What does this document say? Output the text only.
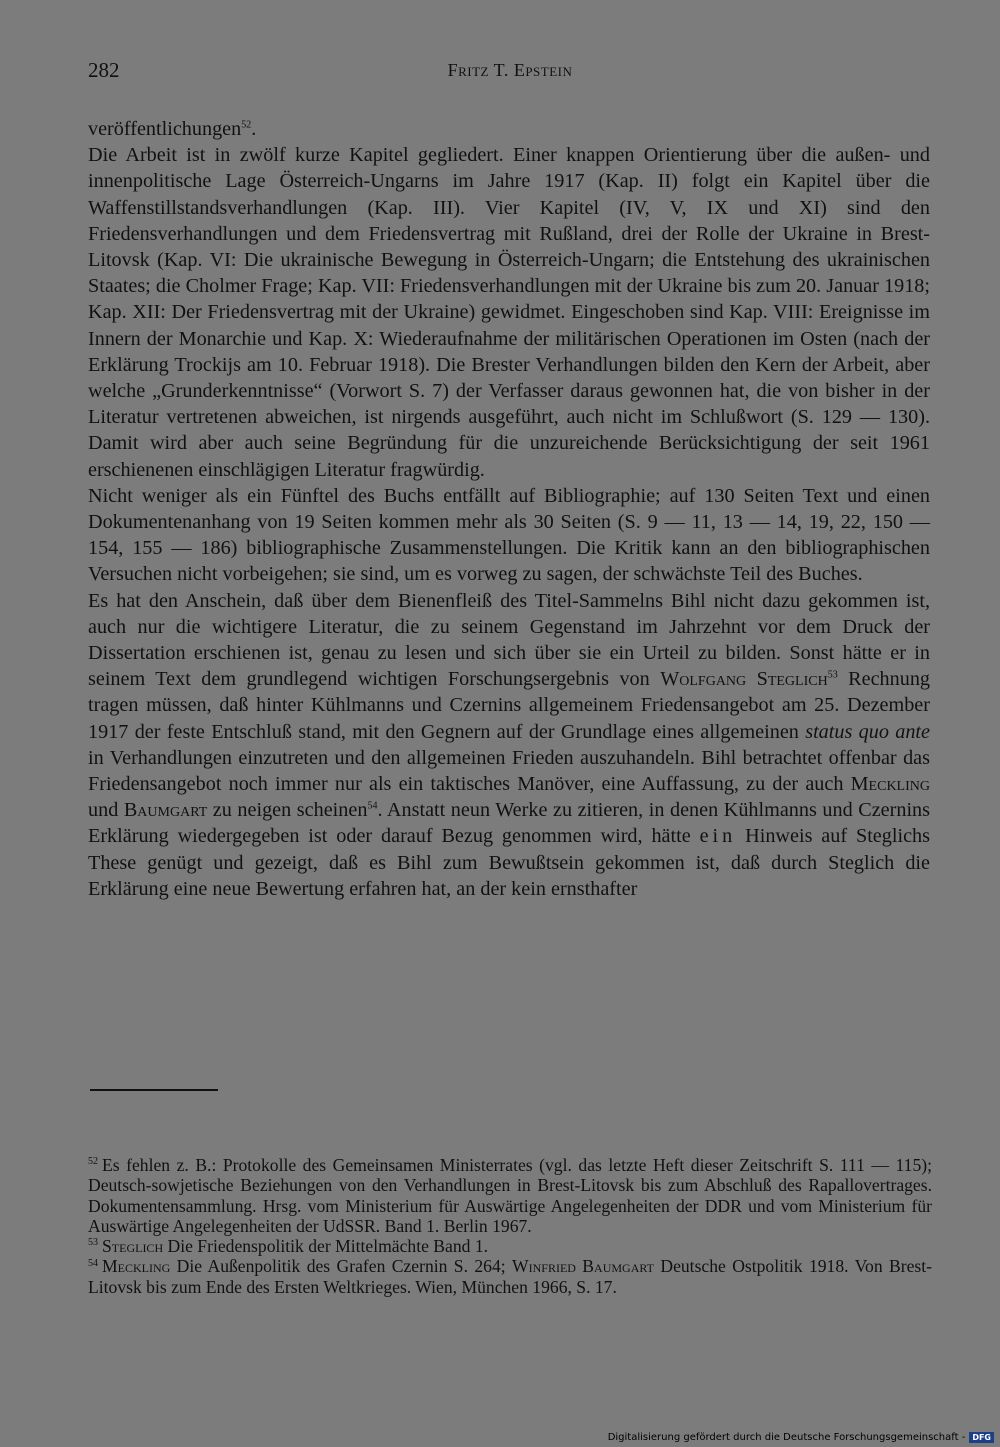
282	Fritz T. Epstein

veröffentlichungen$^{52}$.

Die Arbeit ist in zwölf kurze Kapitel gegliedert. Einer knappen Orientierung über die außen- und innenpolitische Lage Österreich-Ungarns im Jahre 1917 (Kap. II) folgt ein Kapitel über die Waffenstillstandsverhandlungen (Kap. III). Vier Kapitel (IV, V, IX und XI) sind den Friedensverhandlungen und dem Friedensvertrag mit Rußland, drei der Rolle der Ukraine in Brest-Litovsk (Kap. VI: Die ukrainische Bewegung in Österreich-Ungarn; die Entstehung des ukrainischen Staates; die Cholmer Frage; Kap. VII: Friedensverhandlungen mit der Ukraine bis zum 20. Januar 1918; Kap. XII: Der Friedensvertrag mit der Ukraine) gewidmet. Eingeschoben sind Kap. VIII: Ereignisse im Innern der Monarchie und Kap. X: Wiederaufnahme der militärischen Operationen im Osten (nach der Erklärung Trockijs am 10. Februar 1918). Die Brester Verhandlungen bilden den Kern der Arbeit, aber welche „Grunderkenntnisse“ (Vorwort S. 7) der Verfasser daraus gewonnen hat, die von bisher in der Literatur vertretenen abweichen, ist nirgends ausgeführt, auch nicht im Schlußwort (S. 129 — 130). Damit wird aber auch seine Begründung für die unzureichende Berücksichtigung der seit 1961 erschienenen einschlägigen Literatur fragwürdig.

Nicht weniger als ein Fünftel des Buchs entfällt auf Bibliographie; auf 130 Seiten Text und einen Dokumentenanhang von 19 Seiten kommen mehr als 30 Seiten (S. 9 — 11, 13 — 14, 19, 22, 150 — 154, 155 — 186) bibliographische Zusammenstellungen. Die Kritik kann an den bibliographischen Versuchen nicht vorbeigehen; sie sind, um es vorweg zu sagen, der schwächste Teil des Buches.

Es hat den Anschein, daß über dem Bienenfleiß des Titel-Sammelns Bihl nicht dazu gekommen ist, auch nur die wichtigere Literatur, die zu seinem Gegenstand im Jahrzehnt vor dem Druck der Dissertation erschienen ist, genau zu lesen und sich über sie ein Urteil zu bilden. Sonst hätte er in seinem Text dem grundlegend wichtigen Forschungsergebnis von Wolfgang Steglich$^{53}$ Rechnung tragen müssen, daß hinter Kühlmanns und Czernins allgemeinem Friedensangebot am 25. Dezember 1917 der feste Entschluß stand, mit den Gegnern auf der Grundlage eines allgemeinen status quo ante in Verhandlungen einzutreten und den allgemeinen Frieden auszuhandeln. Bihl betrachtet offenbar das Friedensangebot noch immer nur als ein taktisches Manöver, eine Auffassung, zu der auch Meckling und Baumgart zu neigen scheinen$^{54}$. Anstatt neun Werke zu zitieren, in denen Kühlmanns und Czernins Erklärung wiedergegeben ist oder darauf Bezug genommen wird, hätte ein Hinweis auf Steglichs These genügt und gezeigt, daß es Bihl zum Bewußtsein gekommen ist, daß durch Steglich die Erklärung eine neue Bewertung erfahren hat, an der kein ernsthafter

$^{52}$ Es fehlen z. B.: Protokolle des Gemeinsamen Ministerrates (vgl. das letzte Heft dieser Zeitschrift S. 111 — 115); Deutsch-sowjetische Beziehungen von den Verhandlungen in Brest-Litovsk bis zum Abschluß des Rapallovertrages. Dokumentensammlung. Hrsg. vom Ministerium für Auswärtige Angelegenheiten der DDR und vom Ministerium für Auswärtige Angelegenheiten der UdSSR. Band 1. Berlin 1967.

$^{53}$ Steglich Die Friedenspolitik der Mittelmächte Band 1.

$^{54}$ Meckling Die Außenpolitik des Grafen Czernin S. 264; Winfried Baumgart Deutsche Ostpolitik 1918. Von Brest-Litovsk bis zum Ende des Ersten Weltkrieges. Wien, München 1966, S. 17.

Digitalisierung gefördert durch die Deutsche Forschungsgemeinschaft - DFG
